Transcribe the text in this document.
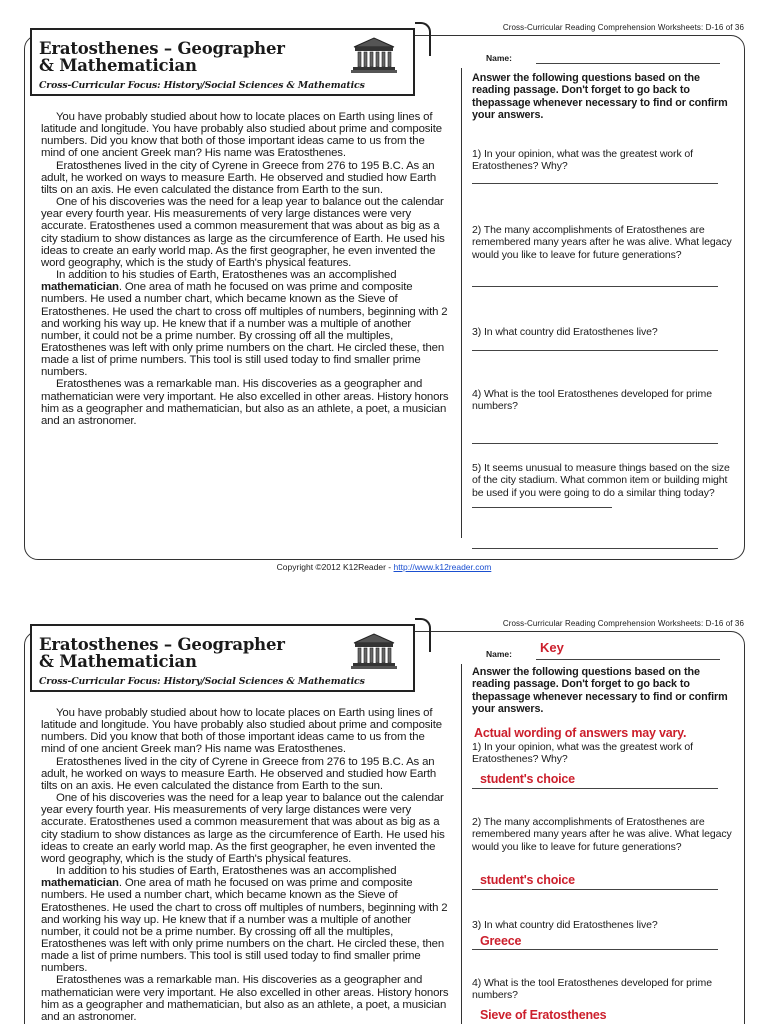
Cross-Curricular Reading Comprehension Worksheets: D-16 of 36
Eratosthenes – Geographer
& Mathematician
Cross-Curricular Focus: History/Social Sciences & Mathematics

You have probably studied about how to locate places on Earth using lines of latitude and longitude. You have probably also studied about prime and composite numbers. Did you know that both of those important ideas came to us from the mind of one ancient Greek man? His name was Eratosthenes.

Eratosthenes lived in the city of Cyrene in Greece from 276 to 195 B.C. As an adult, he worked on ways to measure Earth. He observed and studied how Earth tilts on an axis. He even calculated the distance from Earth to the sun.

One of his discoveries was the need for a leap year to balance out the calendar year every fourth year. His measurements of very large distances were very accurate. Eratosthenes used a common measurement that was about as big as a city stadium to show distances as large as the circumference of Earth. He used his ideas to create an early world map. As the first geographer, he even invented the word geography, which is the study of Earth's physical features.

In addition to his studies of Earth, Eratosthenes was an accomplished mathematician. One area of math he focused on was prime and composite numbers. He used a number chart, which became known as the Sieve of Eratosthenes. He used the chart to cross off multiples of numbers, beginning with 2 and working his way up. He knew that if a number was a multiple of another number, it could not be a prime number. By crossing off all the multiples, Eratosthenes was left with only prime numbers on the chart. He circled these, then made a list of prime numbers. This tool is still used today to find smaller prime numbers.

Eratosthenes was a remarkable man. His discoveries as a geographer and mathematician were very important. He also excelled in other areas. History honors him as a geographer and mathematician, but also as an athlete, a poet, a musician and an astronomer.

Name:
Answer the following questions based on the reading passage. Don't forget to go back to thepassage whenever necessary to find or confirm your answers.
1) In your opinion, what was the greatest work of Eratosthenes? Why?
2) The many accomplishments of Eratosthenes are remembered many years after he was alive. What legacy would you like to leave for future generations?
3) In what country did Eratosthenes live?
4) What is the tool Eratosthenes developed for prime numbers?
5) It seems unusual to measure things based on the size of the city stadium. What common item or building might be used if you were going to do a similar thing today?
Copyright ©2012 K12Reader - http://www.k12reader.com
Cross-Curricular Reading Comprehension Worksheets: D-16 of 36
Eratosthenes – Geographer
& Mathematician
Cross-Curricular Focus: History/Social Sciences & Mathematics

You have probably studied about how to locate places on Earth using lines of latitude and longitude. You have probably also studied about prime and composite numbers. Did you know that both of those important ideas came to us from the mind of one ancient Greek man? His name was Eratosthenes.

Eratosthenes lived in the city of Cyrene in Greece from 276 to 195 B.C. As an adult, he worked on ways to measure Earth. He observed and studied how Earth tilts on an axis. He even calculated the distance from Earth to the sun.

One of his discoveries was the need for a leap year to balance out the calendar year every fourth year. His measurements of very large distances were very accurate. Eratosthenes used a common measurement that was about as big as a city stadium to show distances as large as the circumference of Earth. He used his ideas to create an early world map. As the first geographer, he even invented the word geography, which is the study of Earth's physical features.

In addition to his studies of Earth, Eratosthenes was an accomplished mathematician. One area of math he focused on was prime and composite numbers. He used a number chart, which became known as the Sieve of Eratosthenes. He used the chart to cross off multiples of numbers, beginning with 2 and working his way up. He knew that if a number was a multiple of another number, it could not be a prime number. By crossing off all the multiples, Eratosthenes was left with only prime numbers on the chart. He circled these, then made a list of prime numbers. This tool is still used today to find smaller prime numbers.

Eratosthenes was a remarkable man. His discoveries as a geographer and mathematician were very important. He also excelled in other areas. History honors him as a geographer and mathematician, but also as an athlete, a poet, a musician and an astronomer.

Name: Key
Answer the following questions based on the reading passage. Don't forget to go back to thepassage whenever necessary to find or confirm your answers.
Actual wording of answers may vary.
1) In your opinion, what was the greatest work of Eratosthenes? Why?
student's choice
2) The many accomplishments of Eratosthenes are remembered many years after he was alive. What legacy would you like to leave for future generations?
student's choice
3) In what country did Eratosthenes live?
Greece
4) What is the tool Eratosthenes developed for prime numbers?
Sieve of Eratosthenes
